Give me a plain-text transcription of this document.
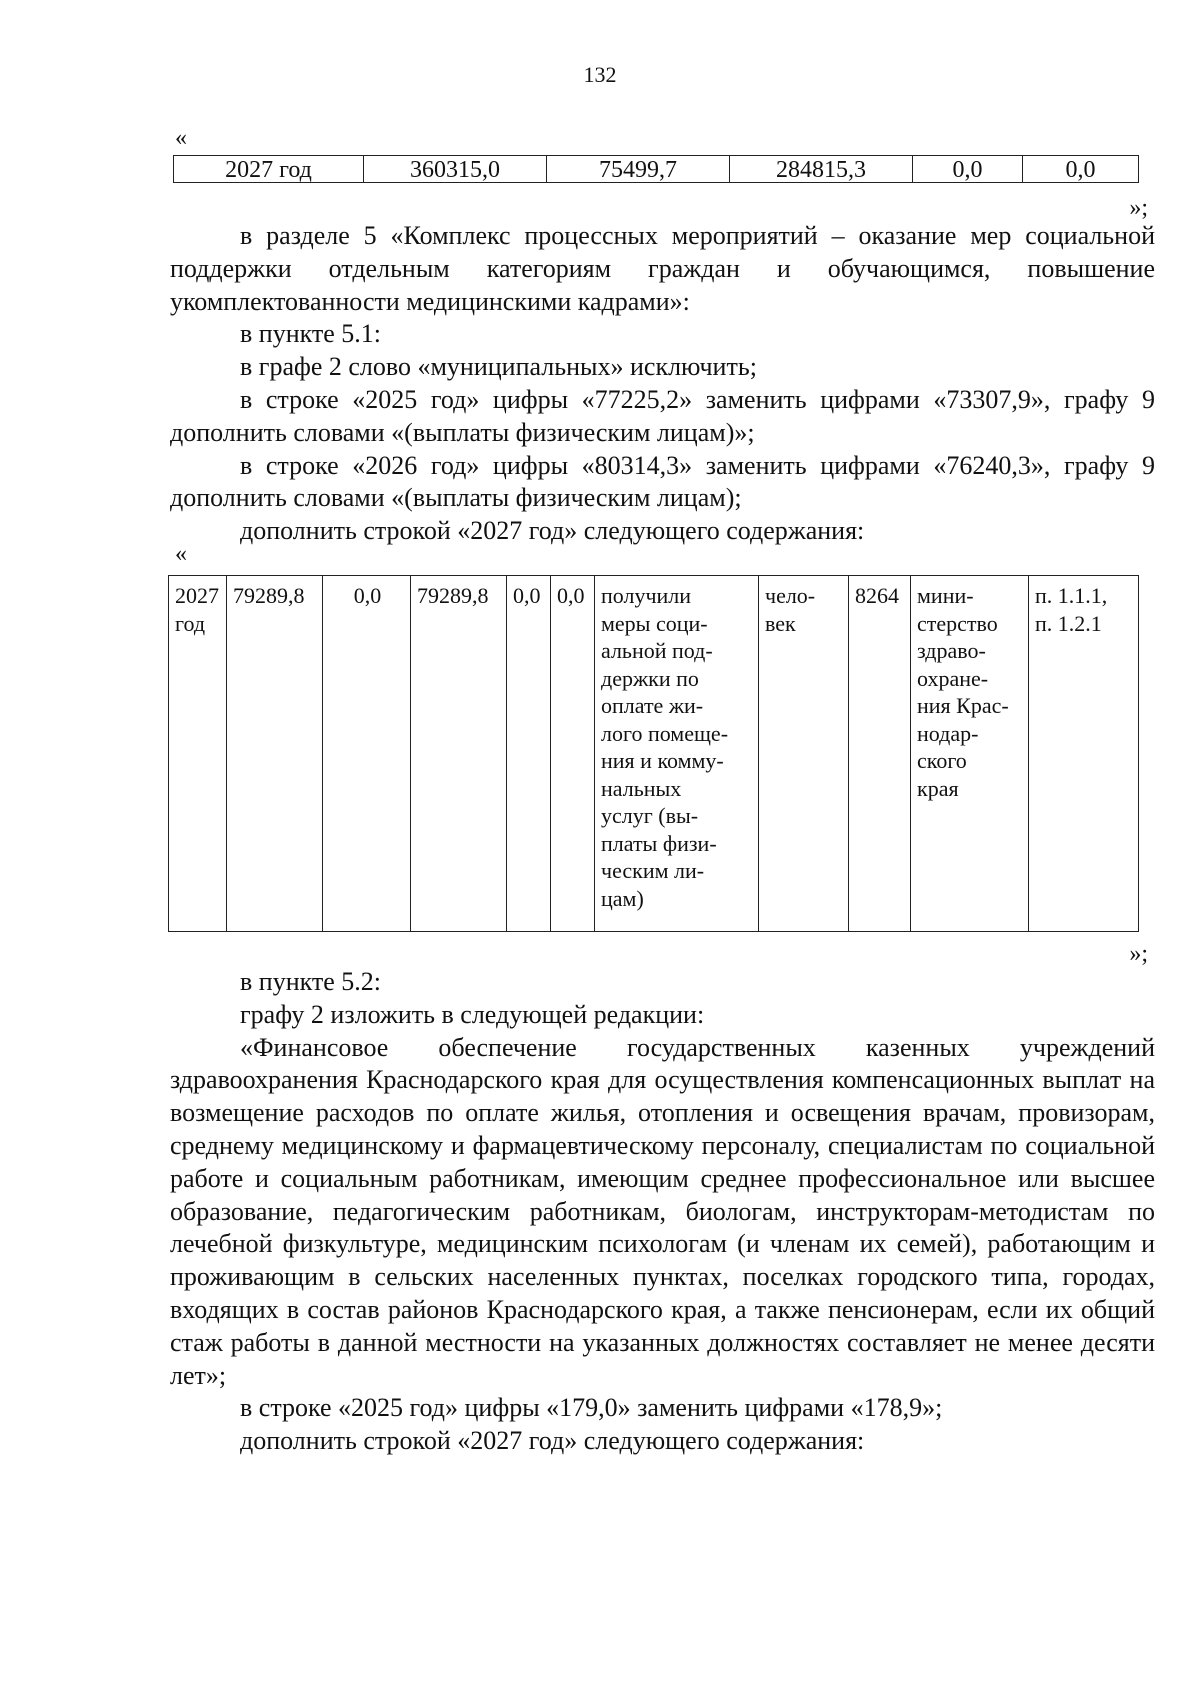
132
«
2027 год	360315,0	75499,7	284815,3	0,0	0,0
»;

в разделе 5 «Комплекс процессных мероприятий – оказание мер социальной поддержки отдельным категориям граждан и обучающимся, повышение укомплектованности медицинскими кадрами»:

в пункте 5.1:

в графе 2 слово «муниципальных» исключить;

в строке «2025 год» цифры «77225,2» заменить цифрами «73307,9», графу 9 дополнить словами «(выплаты физическим лицам)»;

в строке «2026 год» цифры «80314,3» заменить цифрами «76240,3», графу 9 дополнить словами «(выплаты физическим лицам);

дополнить строкой «2027 год» следующего содержания:

«
2027
год	79289,8	0,0	79289,8	0,0	0,0	получили
меры соци-
альной под-
держки по
оплате жи-
лого помеще-
ния и комму-
нальных
услуг (вы-
платы физи-
ческим ли-
цам)	чело-
век	8264	мини-
стерство
здраво-
охране-
ния Крас-
нодар-
ского
края	п. 1.1.1,
п. 1.2.1
»;

в пункте 5.2:

графу 2 изложить в следующей редакции:

«Финансовое обеспечение государственных казенных учреждений здравоохранения Краснодарского края для осуществления компенсационных выплат на возмещение расходов по оплате жилья, отопления и освещения врачам, провизорам, среднему медицинскому и фармацевтическому персоналу, специалистам по социальной работе и социальным работникам, имеющим среднее профессиональное или высшее образование, педагогическим работникам, биологам, инструкторам-методистам по лечебной физкультуре, медицинским психологам (и членам их семей), работающим и проживающим в сельских населенных пунктах, поселках городского типа, городах, входящих в состав районов Краснодарского края, а также пенсионерам, если их общий стаж работы в данной местности на указанных должностях составляет не менее десяти лет»;

в строке «2025 год» цифры «179,0» заменить цифрами «178,9»;

дополнить строкой «2027 год» следующего содержания:
